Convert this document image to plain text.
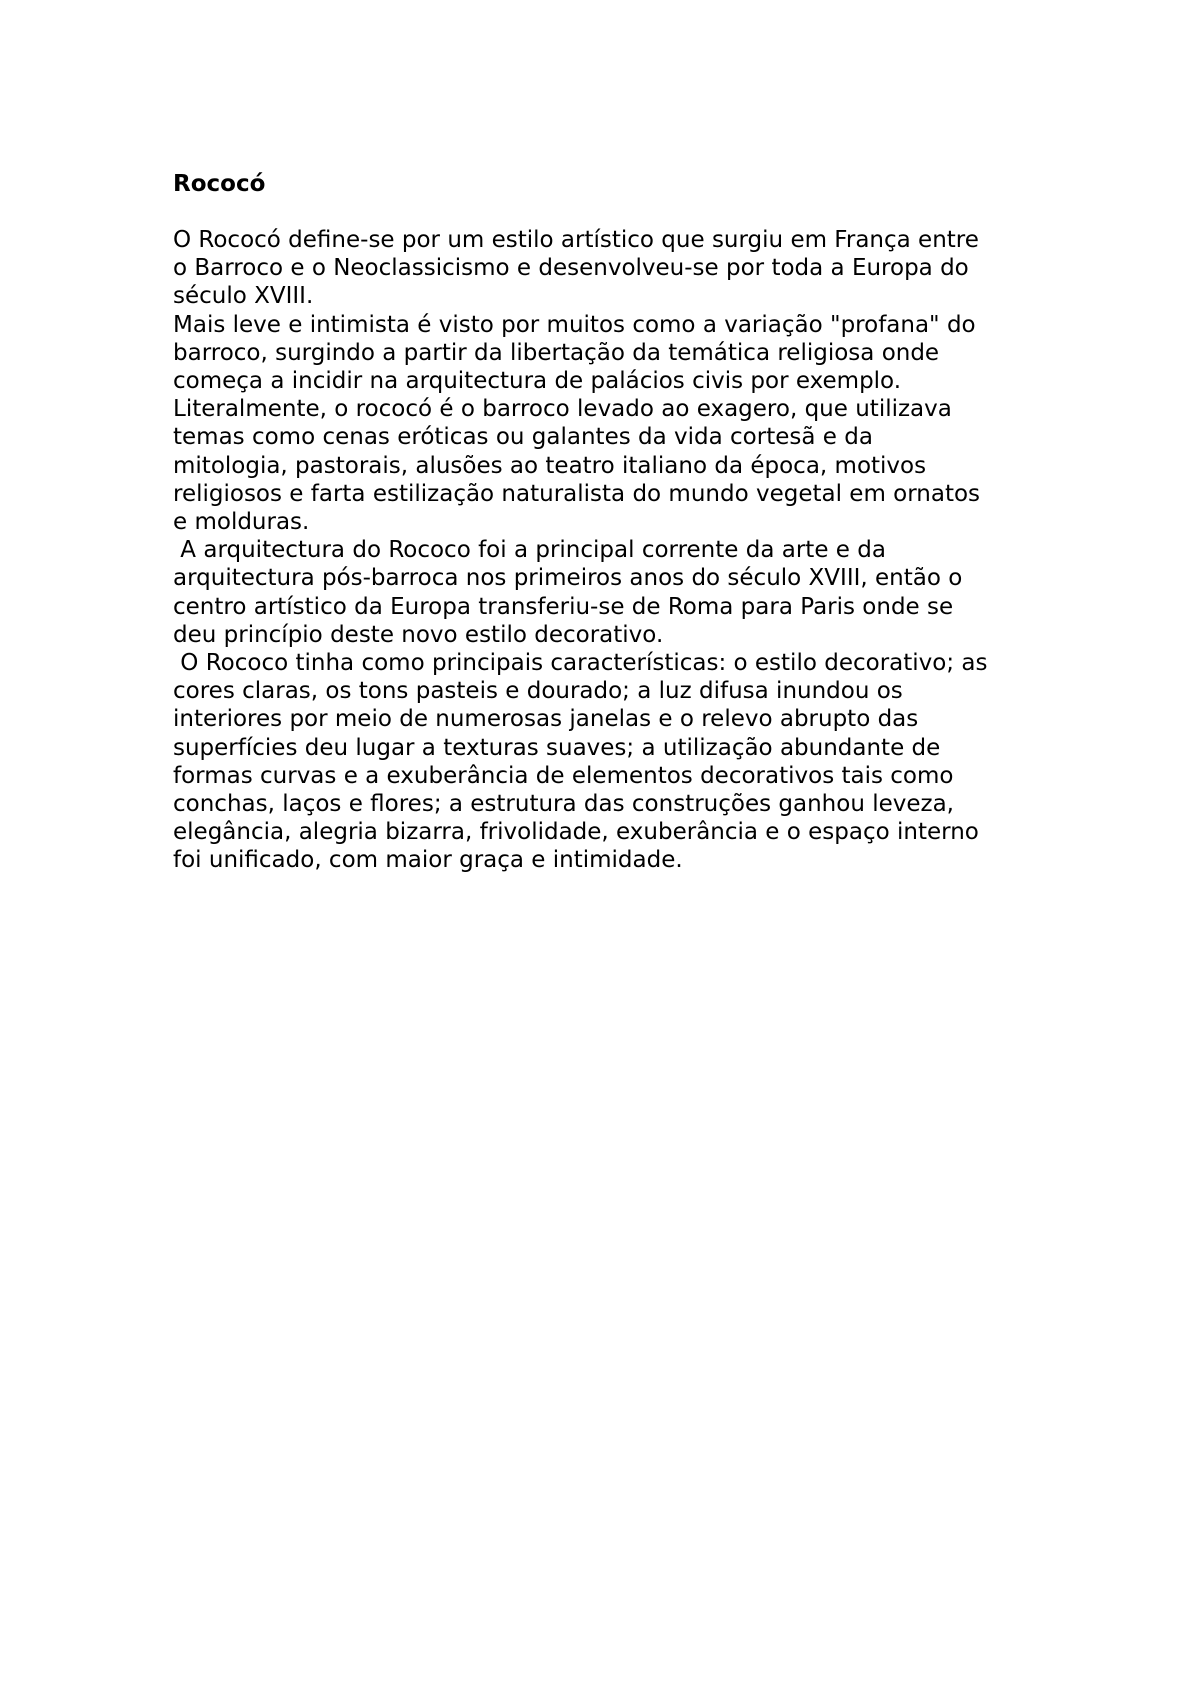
Rococó

O Rococó define-se por um estilo artístico que surgiu em França entre

o Barroco e o Neoclassicismo e desenvolveu-se por toda a Europa do

século XVIII.

Mais leve e intimista é visto por muitos como a variação "profana" do

barroco, surgindo a partir da libertação da temática religiosa onde

começa a incidir na arquitectura de palácios civis por exemplo.

Literalmente, o rococó é o barroco levado ao exagero, que utilizava

temas como cenas eróticas ou galantes da vida cortesã e da

mitologia, pastorais, alusões ao teatro italiano da época, motivos

religiosos e farta estilização naturalista do mundo vegetal em ornatos

e molduras.

A arquitectura do Rococo foi a principal corrente da arte e da

arquitectura pós-barroca nos primeiros anos do século XVIII, então o

centro artístico da Europa transferiu-se de Roma para Paris onde se

deu princípio deste novo estilo decorativo.

O Rococo tinha como principais características: o estilo decorativo; as

cores claras, os tons pasteis e dourado; a luz difusa inundou os

interiores por meio de numerosas janelas e o relevo abrupto das

superfícies deu lugar a texturas suaves; a utilização abundante de

formas curvas e a exuberância de elementos decorativos tais como

conchas, laços e flores; a estrutura das construções ganhou leveza,

elegância, alegria bizarra, frivolidade, exuberância e o espaço interno

foi unificado, com maior graça e intimidade.
